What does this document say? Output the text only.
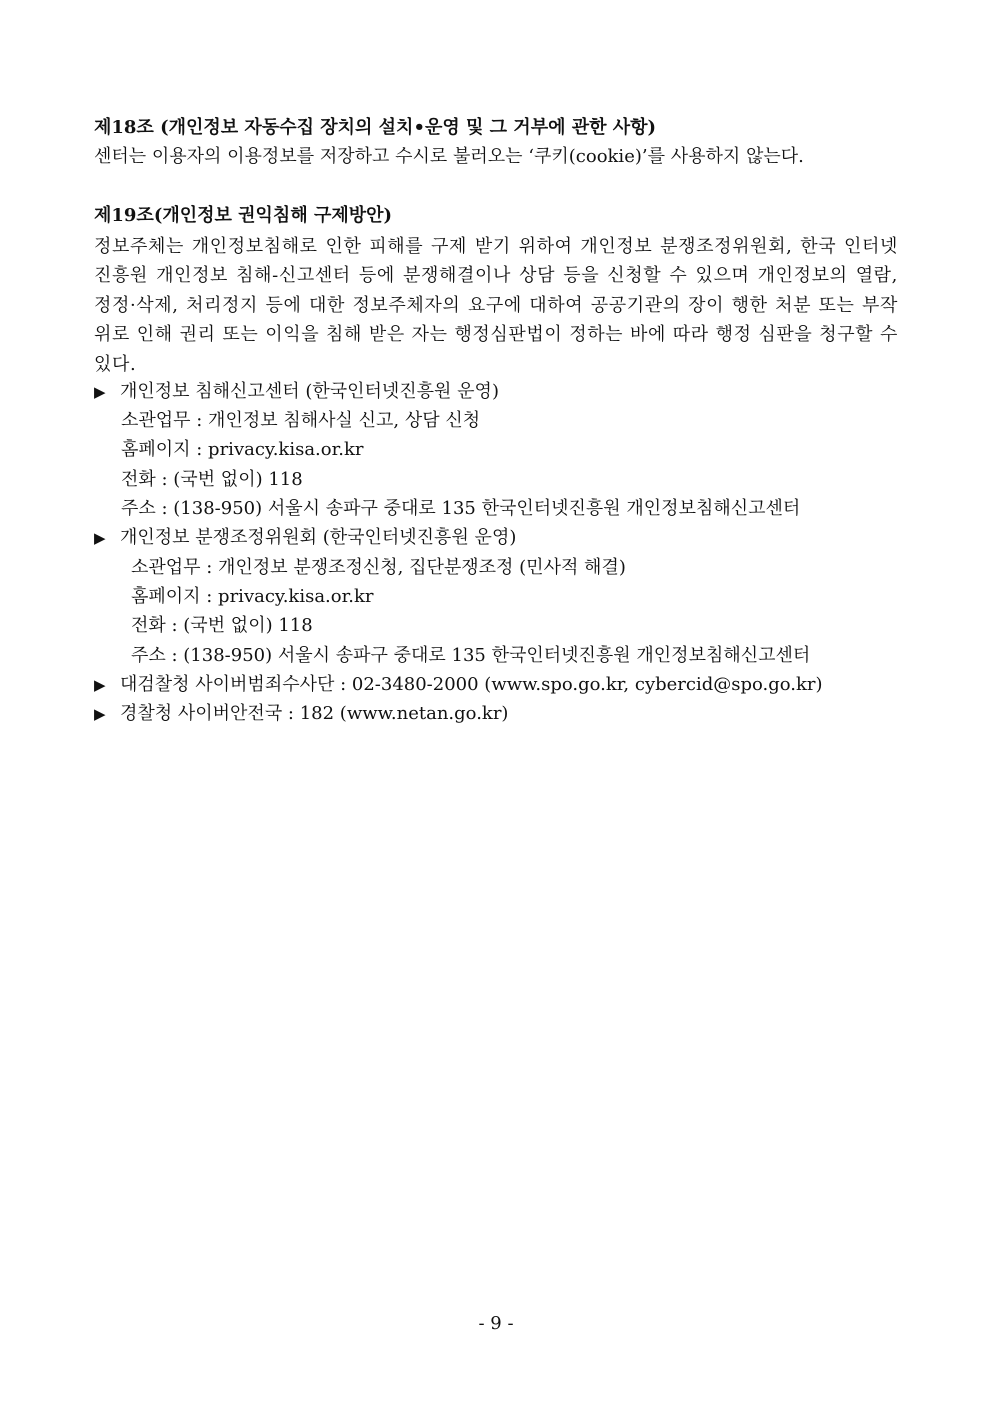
제18조 (개인정보 자동수집 장치의 설치•운영 및 그 거부에 관한 사항)
센터는 이용자의 이용정보를 저장하고 수시로 불러오는 ‘쿠키(cookie)’를 사용하지 않는다.
제19조(개인정보 권익침해 구제방안)
정보주체는 개인정보침해로 인한 피해를 구제 받기 위하여 개인정보 분쟁조정위원회, 한국 인터넷 진흥원 개인정보 침해-신고센터 등에 분쟁해결이나 상담 등을 신청할 수 있으며 개인정보의 열람, 정정·삭제, 처리정지 등에 대한 정보주체자의 요구에 대하여 공공기관의 장이 행한 처분 또는 부작위로 인해 권리 또는 이익을 침해 받은 자는 행정심판법이 정하는 바에 따라 행정 심판을 청구할 수 있다.
▶ 개인정보 침해신고센터 (한국인터넷진흥원 운영)
소관업무 : 개인정보 침해사실 신고, 상담 신청
홈페이지 : privacy.kisa.or.kr
전화 : (국번 없이) 118
주소 : (138-950) 서울시 송파구 중대로 135 한국인터넷진흥원 개인정보침해신고센터
▶ 개인정보 분쟁조정위원회 (한국인터넷진흥원 운영)
소관업무 : 개인정보 분쟁조정신청, 집단분쟁조정 (민사적 해결)
홈페이지 : privacy.kisa.or.kr
전화 : (국번 없이) 118
주소 : (138-950) 서울시 송파구 중대로 135 한국인터넷진흥원 개인정보침해신고센터
▶ 대검찰청 사이버범죄수사단 : 02-3480-2000 (www.spo.go.kr, cybercid@spo.go.kr)
▶ 경찰청 사이버안전국 : 182 (www.netan.go.kr)
- 9 -
